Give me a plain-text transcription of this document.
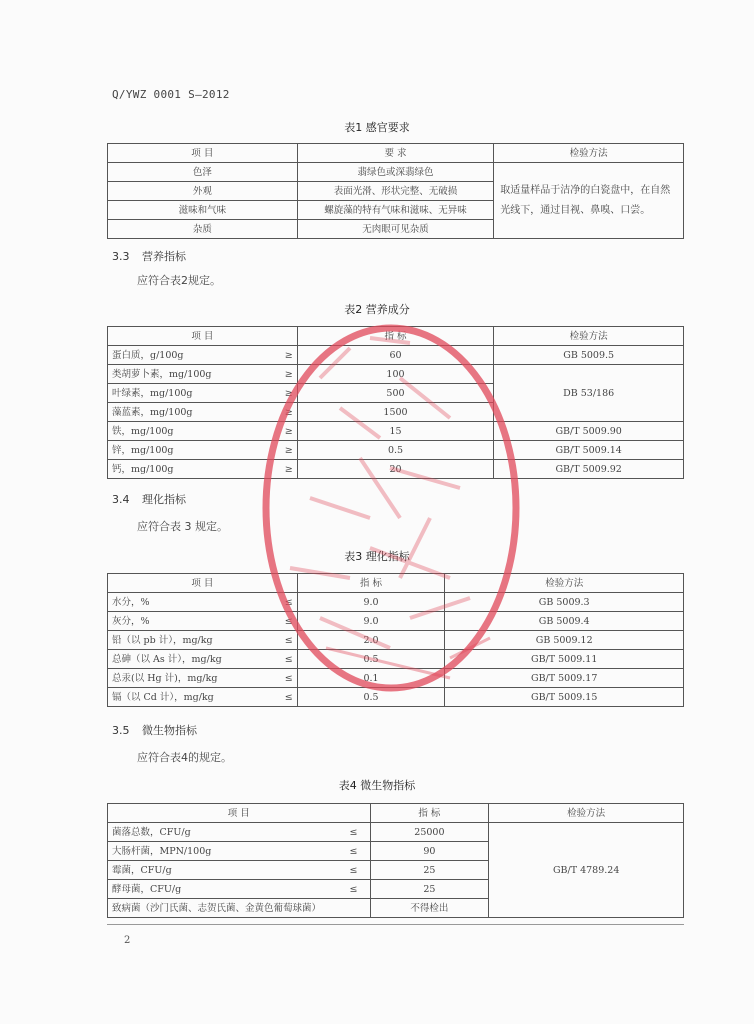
Q/YWZ 0001 S—2012
表1 感官要求
项 目	要 求	检验方法
色泽	翡绿色或深翡绿色	取适量样品于洁净的白瓷盘中，在自然光线下，通过目视、鼻嗅、口尝。
外观	表面光滑、形状完整、无破损	
滋味和气味	螺旋藻的特有气味和滋味、无异味	
杂质	无肉眼可见杂质	
3.3 营养指标
应符合表2规定。
表2 营养成分
项 目	指 标	检验方法
蛋白质，g/100g ≥	60	GB 5009.5
类胡萝卜素，mg/100g ≥	100	DB 53/186
叶绿素，mg/100g ≥	500	
藻蓝素，mg/100g ≥	1500	
铁，mg/100g ≥	15	GB/T 5009.90
锌，mg/100g ≥	0.5	GB/T 5009.14
钙，mg/100g ≥	20	GB/T 5009.92
3.4 理化指标
应符合表 3 规定。
表3 理化指标
项 目	指 标	检验方法
水分，% ≤	9.0	GB 5009.3
灰分，% ≤	9.0	GB 5009.4
铅（以 pb 计），mg/kg ≤	2.0	GB 5009.12
总砷（以 As 计），mg/kg ≤	0.5	GB/T 5009.11
总汞(以 Hg 计)，mg/kg ≤	0.1	GB/T 5009.17
镉（以 Cd 计），mg/kg ≤	0.5	GB/T 5009.15
3.5 微生物指标
应符合表4的规定。
表4 微生物指标
项 目	指 标	检验方法
菌落总数，CFU/g ≤	25000	GB/T 4789.24
大肠杆菌，MPN/100g ≤	90	
霉菌，CFU/g ≤	25	
酵母菌，CFU/g ≤	25	
致病菌（沙门氏菌、志贺氏菌、金黄色葡萄球菌）	不得检出	
2
